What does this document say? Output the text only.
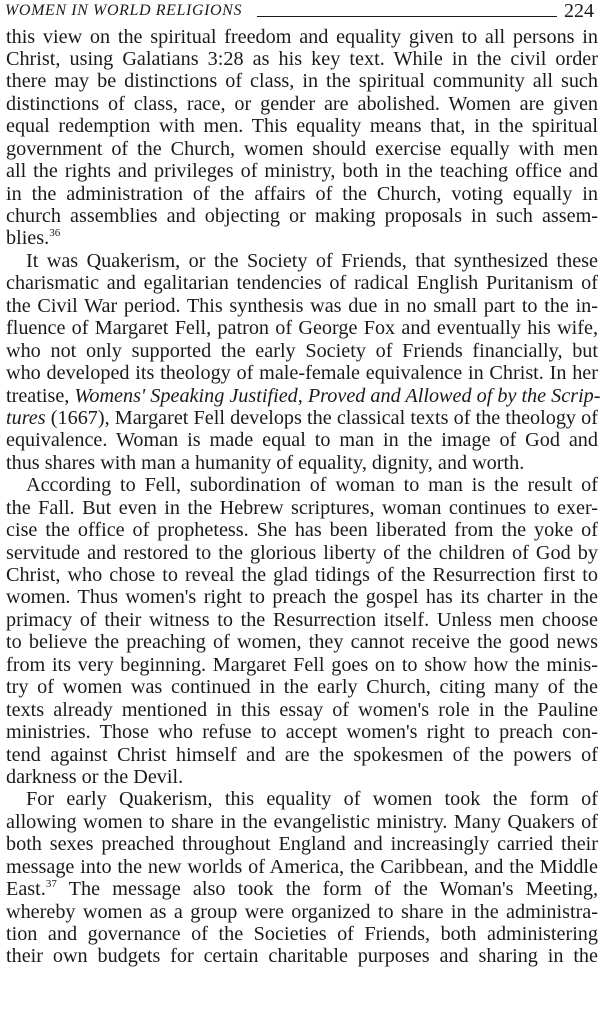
WOMEN IN WORLD RELIGIONS	224
this view on the spiritual freedom and equality given to all persons in
Christ, using Galatians 3:28 as his key text. While in the civil order
there may be distinctions of class, in the spiritual community all such
distinctions of class, race, or gender are abolished. Women are given
equal redemption with men. This equality means that, in the spiritual
government of the Church, women should exercise equally with men
all the rights and privileges of ministry, both in the teaching office and
in the administration of the affairs of the Church, voting equally in
church assemblies and objecting or making proposals in such assem-
blies.$^{36}$
It was Quakerism, or the Society of Friends, that synthesized these
charismatic and egalitarian tendencies of radical English Puritanism of
the Civil War period. This synthesis was due in no small part to the in-
fluence of Margaret Fell, patron of George Fox and eventually his wife,
who not only supported the early Society of Friends financially, but
who developed its theology of male-female equivalence in Christ. In her
treatise, Womens' Speaking Justified, Proved and Allowed of by the Scrip-
tures (1667), Margaret Fell develops the classical texts of the theology of
equivalence. Woman is made equal to man in the image of God and
thus shares with man a humanity of equality, dignity, and worth.
According to Fell, subordination of woman to man is the result of
the Fall. But even in the Hebrew scriptures, woman continues to exer-
cise the office of prophetess. She has been liberated from the yoke of
servitude and restored to the glorious liberty of the children of God by
Christ, who chose to reveal the glad tidings of the Resurrection first to
women. Thus women's right to preach the gospel has its charter in the
primacy of their witness to the Resurrection itself. Unless men choose
to believe the preaching of women, they cannot receive the good news
from its very beginning. Margaret Fell goes on to show how the minis-
try of women was continued in the early Church, citing many of the
texts already mentioned in this essay of women's role in the Pauline
ministries. Those who refuse to accept women's right to preach con-
tend against Christ himself and are the spokesmen of the powers of
darkness or the Devil.
For early Quakerism, this equality of women took the form of
allowing women to share in the evangelistic ministry. Many Quakers of
both sexes preached throughout England and increasingly carried their
message into the new worlds of America, the Caribbean, and the Middle
East.$^{37}$ The message also took the form of the Woman's Meeting,
whereby women as a group were organized to share in the administra-
tion and governance of the Societies of Friends, both administering
their own budgets for certain charitable purposes and sharing in the
